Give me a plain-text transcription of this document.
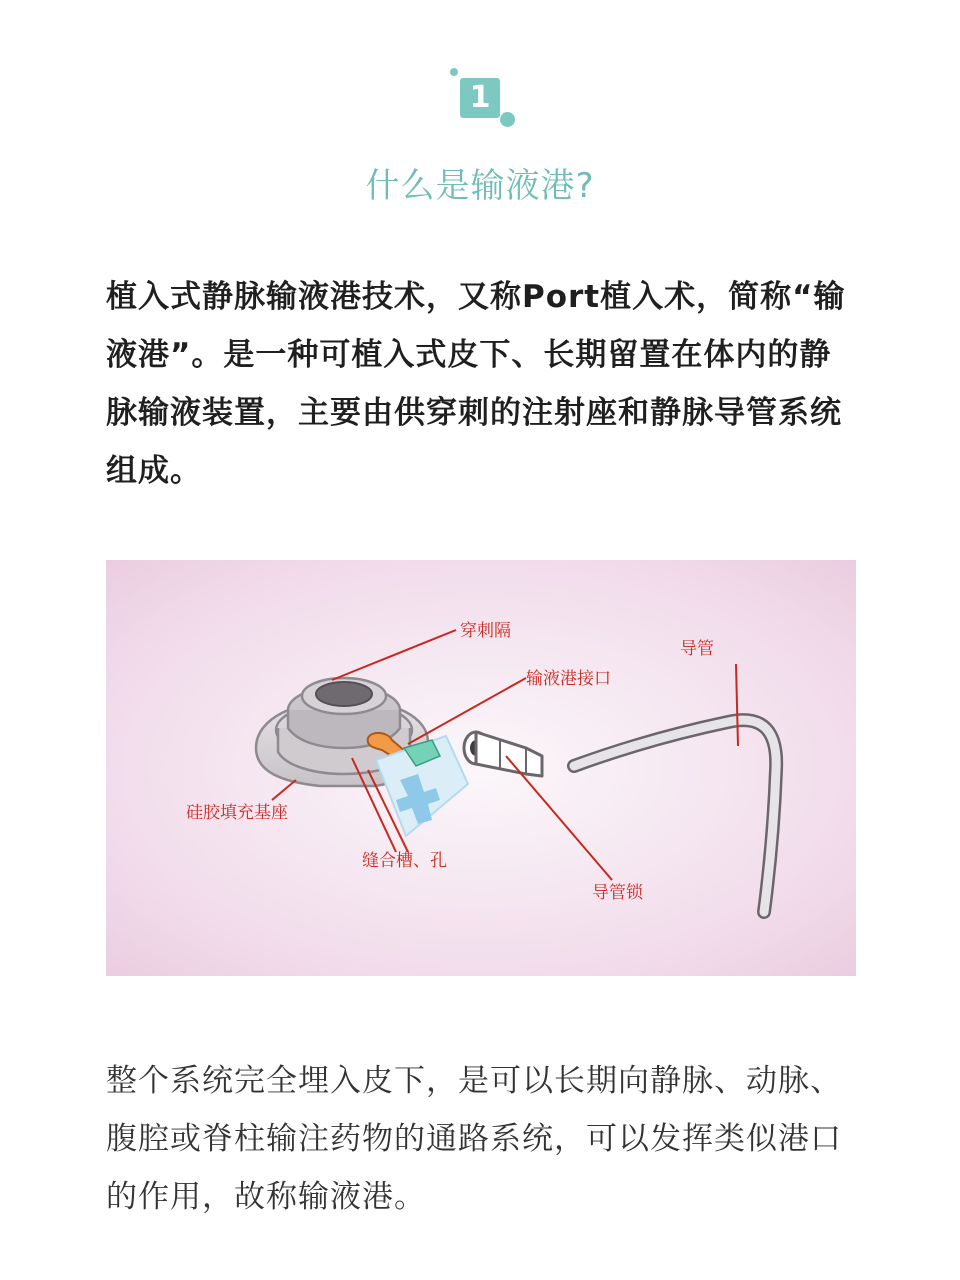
1
什么是输液港?

植入式静脉输液港技术，又称Port植入术，简称“输液港”。是一种可植入式皮下、长期留置在体内的静脉输液装置，主要由供穿刺的注射座和静脉导管系统组成。

穿刺隔
输液港接口
导管
硅胶填充基座
缝合槽、孔
导管锁

整个系统完全埋入皮下，是可以长期向静脉、动脉、腹腔或脊柱输注药物的通路系统，可以发挥类似港口的作用，故称输液港。
